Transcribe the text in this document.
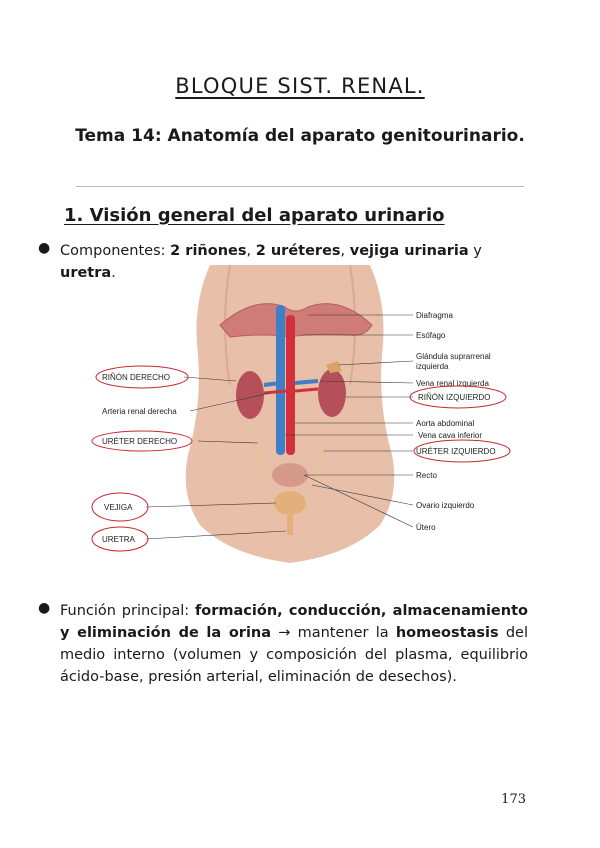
BLOQUE SIST. RENAL.
Tema 14: Anatomía del aparato genitourinario.
1. Visión general del aparato urinario
● Componentes: 2 riñones, 2 uréteres, vejiga urinaria y uretra.
Diafragma
Esófago
Glándula suprarrenal
izquierda
Vena renal izquierda
RIÑÓN IZQUIERDO
Aorta abdominal
Vena cava inferior
URÉTER IZQUIERDO
Recto
Ovario izquierdo
Útero
RIÑÓN DERECHO
Arteria renal derecha
URÉTER DERECHO
VEJIGA
URETRA
● Función principal: formación, conducción, almacenamiento y eliminación de la orina → mantener la homeostasis del medio interno (volumen y composición del plasma, equilibrio ácido-base, presión arterial, eliminación de desechos).
173
